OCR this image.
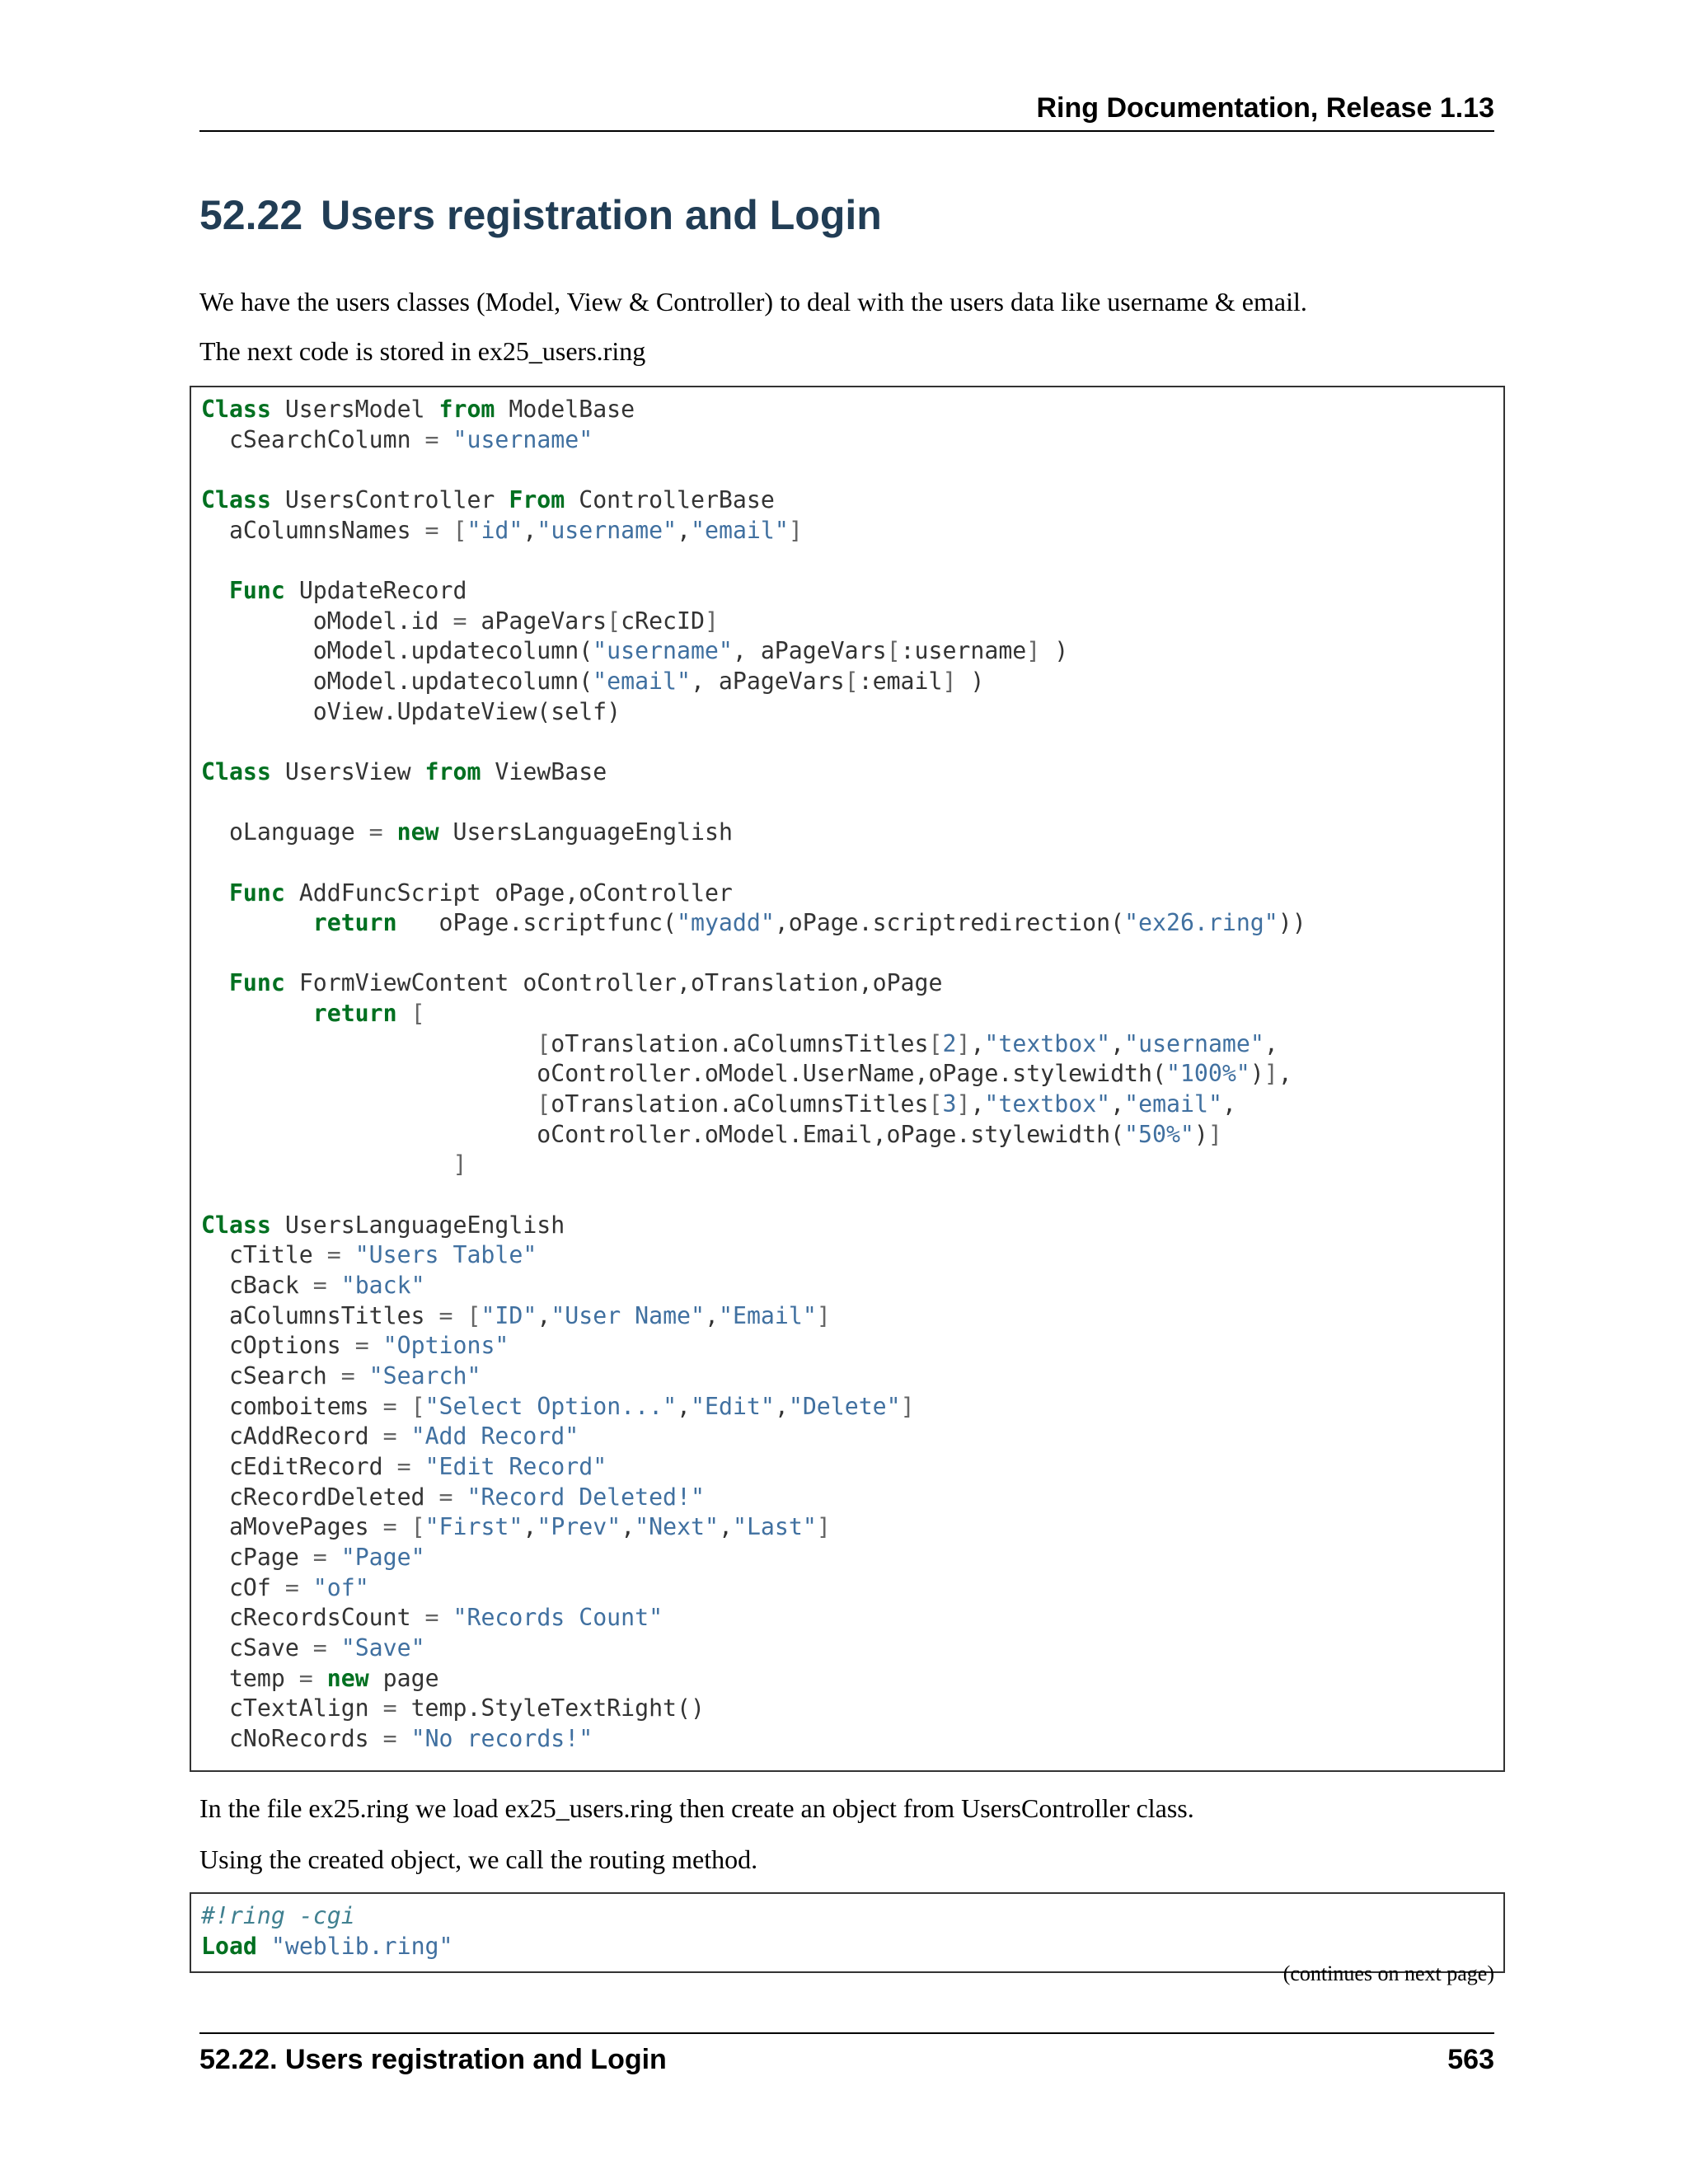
Ring Documentation, Release 1.13
52.22 Users registration and Login

We have the users classes (Model, View & Controller) to deal with the users data like username & email.

The next code is stored in ex25_users.ring

Class UsersModel from ModelBase
cSearchColumn = "username"

Class UsersController From ControllerBase
aColumnsNames = ["id","username","email"]

Func UpdateRecord
oModel.id = aPageVars[cRecID]
oModel.updatecolumn("username", aPageVars[:username] )
oModel.updatecolumn("email", aPageVars[:email] )
oView.UpdateView(self)

Class UsersView from ViewBase

oLanguage = new UsersLanguageEnglish

Func AddFuncScript oPage,oController
return   oPage.scriptfunc("myadd",oPage.scriptredirection("ex26.ring"))

Func FormViewContent oController,oTranslation,oPage
return [
[oTranslation.aColumnsTitles[2],"textbox","username",
oController.oModel.UserName,oPage.stylewidth("100%")],
[oTranslation.aColumnsTitles[3],"textbox","email",
oController.oModel.Email,oPage.stylewidth("50%")]
]

Class UsersLanguageEnglish
cTitle = "Users Table"
cBack = "back"
aColumnsTitles = ["ID","User Name","Email"]
cOptions = "Options"
cSearch = "Search"
comboitems = ["Select Option...","Edit","Delete"]
cAddRecord = "Add Record"
cEditRecord = "Edit Record"
cRecordDeleted = "Record Deleted!"
aMovePages = ["First","Prev","Next","Last"]
cPage = "Page"
cOf = "of"
cRecordsCount = "Records Count"
cSave = "Save"
temp = new page
cTextAlign = temp.StyleTextRight()
cNoRecords = "No records!"

In the file ex25.ring we load ex25_users.ring then create an object from UsersController class.

Using the created object, we call the routing method.

#!ring -cgi
Load "weblib.ring"
(continues on next page)
52.22. Users registration and Login	563
